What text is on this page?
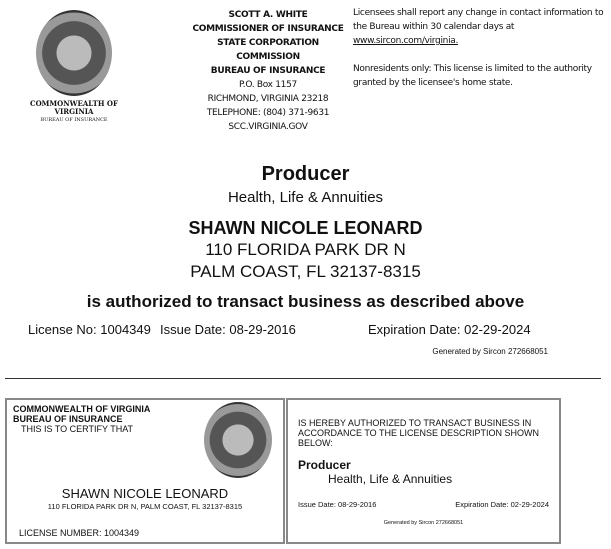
COMMONWEALTH OF
VIRGINIA
BUREAU OF INSURANCE
SCOTT A. WHITE
COMMISSIONER OF INSURANCE
STATE CORPORATION
COMMISSION
BUREAU OF INSURANCE
P.O. Box 1157
RICHMOND, VIRGINIA 23218
TELEPHONE: (804) 371-9631
SCC.VIRGINIA.GOV
Licensees shall report any change in contact information to the Bureau within 30 calendar days at
www.sircon.com/virginia.
Nonresidents only: This license is limited to the authority granted by the licensee's home state.
Producer
Health, Life & Annuities
SHAWN NICOLE LEONARD
110 FLORIDA PARK DR N
PALM COAST, FL 32137-8315
is authorized to transact business as described above
License No: 1004349 Issue Date: 08-29-2016	Expiration Date: 02-29-2024
Generated by Sircon 272668051
COMMONWEALTH OF VIRGINIA
BUREAU OF INSURANCE
THIS IS TO CERTIFY THAT
SHAWN NICOLE LEONARD
110 FLORIDA PARK DR N, PALM COAST, FL 32137-8315
LICENSE NUMBER: 1004349
IS HEREBY AUTHORIZED TO TRANSACT BUSINESS IN ACCORDANCE TO THE LICENSE DESCRIPTION SHOWN BELOW:
Producer
Health, Life & Annuities
Issue Date: 08-29-2016	Expiration Date: 02-29-2024
Generated by Sircon 272668051
